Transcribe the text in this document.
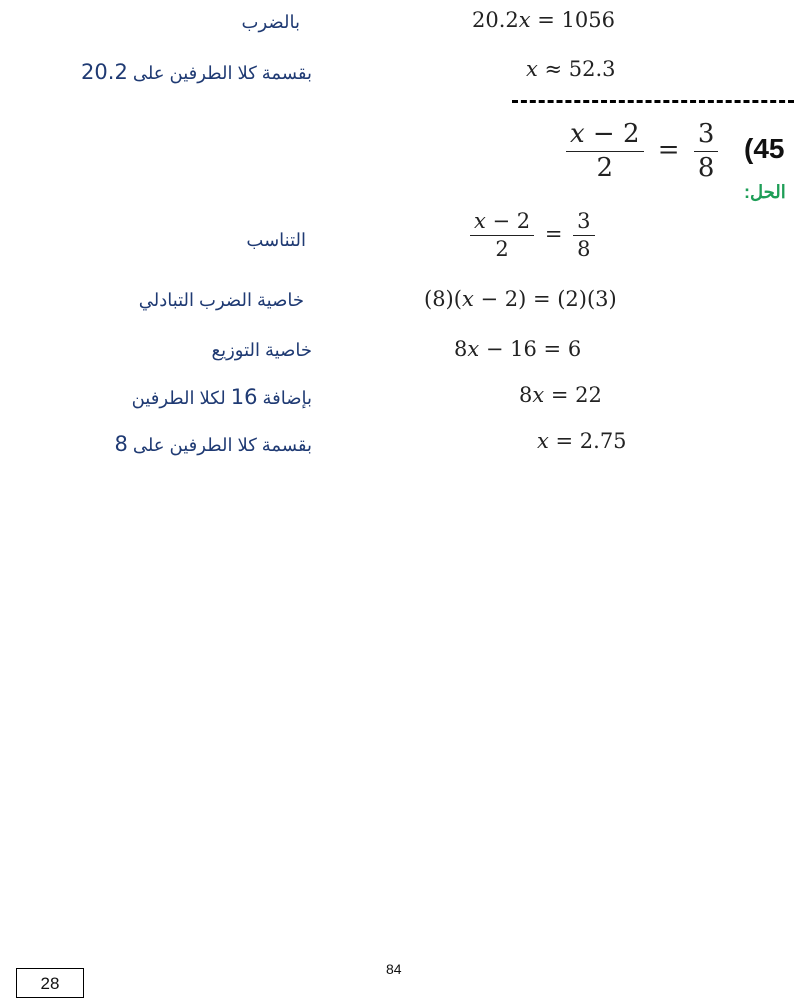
20.2x = 1056
بالضرب
x ≈ 52.3
بقسمة كلا الطرفين على 20.2
$\frac{x - 2}{2} = \frac{3}{8} (45$
الحل:
$\frac{x - 2}{2} = \frac{3}{8}$
التناسب
(8)(x − 2) = (2)(3)
خاصية الضرب التبادلي
8x − 16 = 6
خاصية التوزيع
8x = 22
بإضافة 16 لكلا الطرفين
x = 2.75
بقسمة كلا الطرفين على 8
84
28
